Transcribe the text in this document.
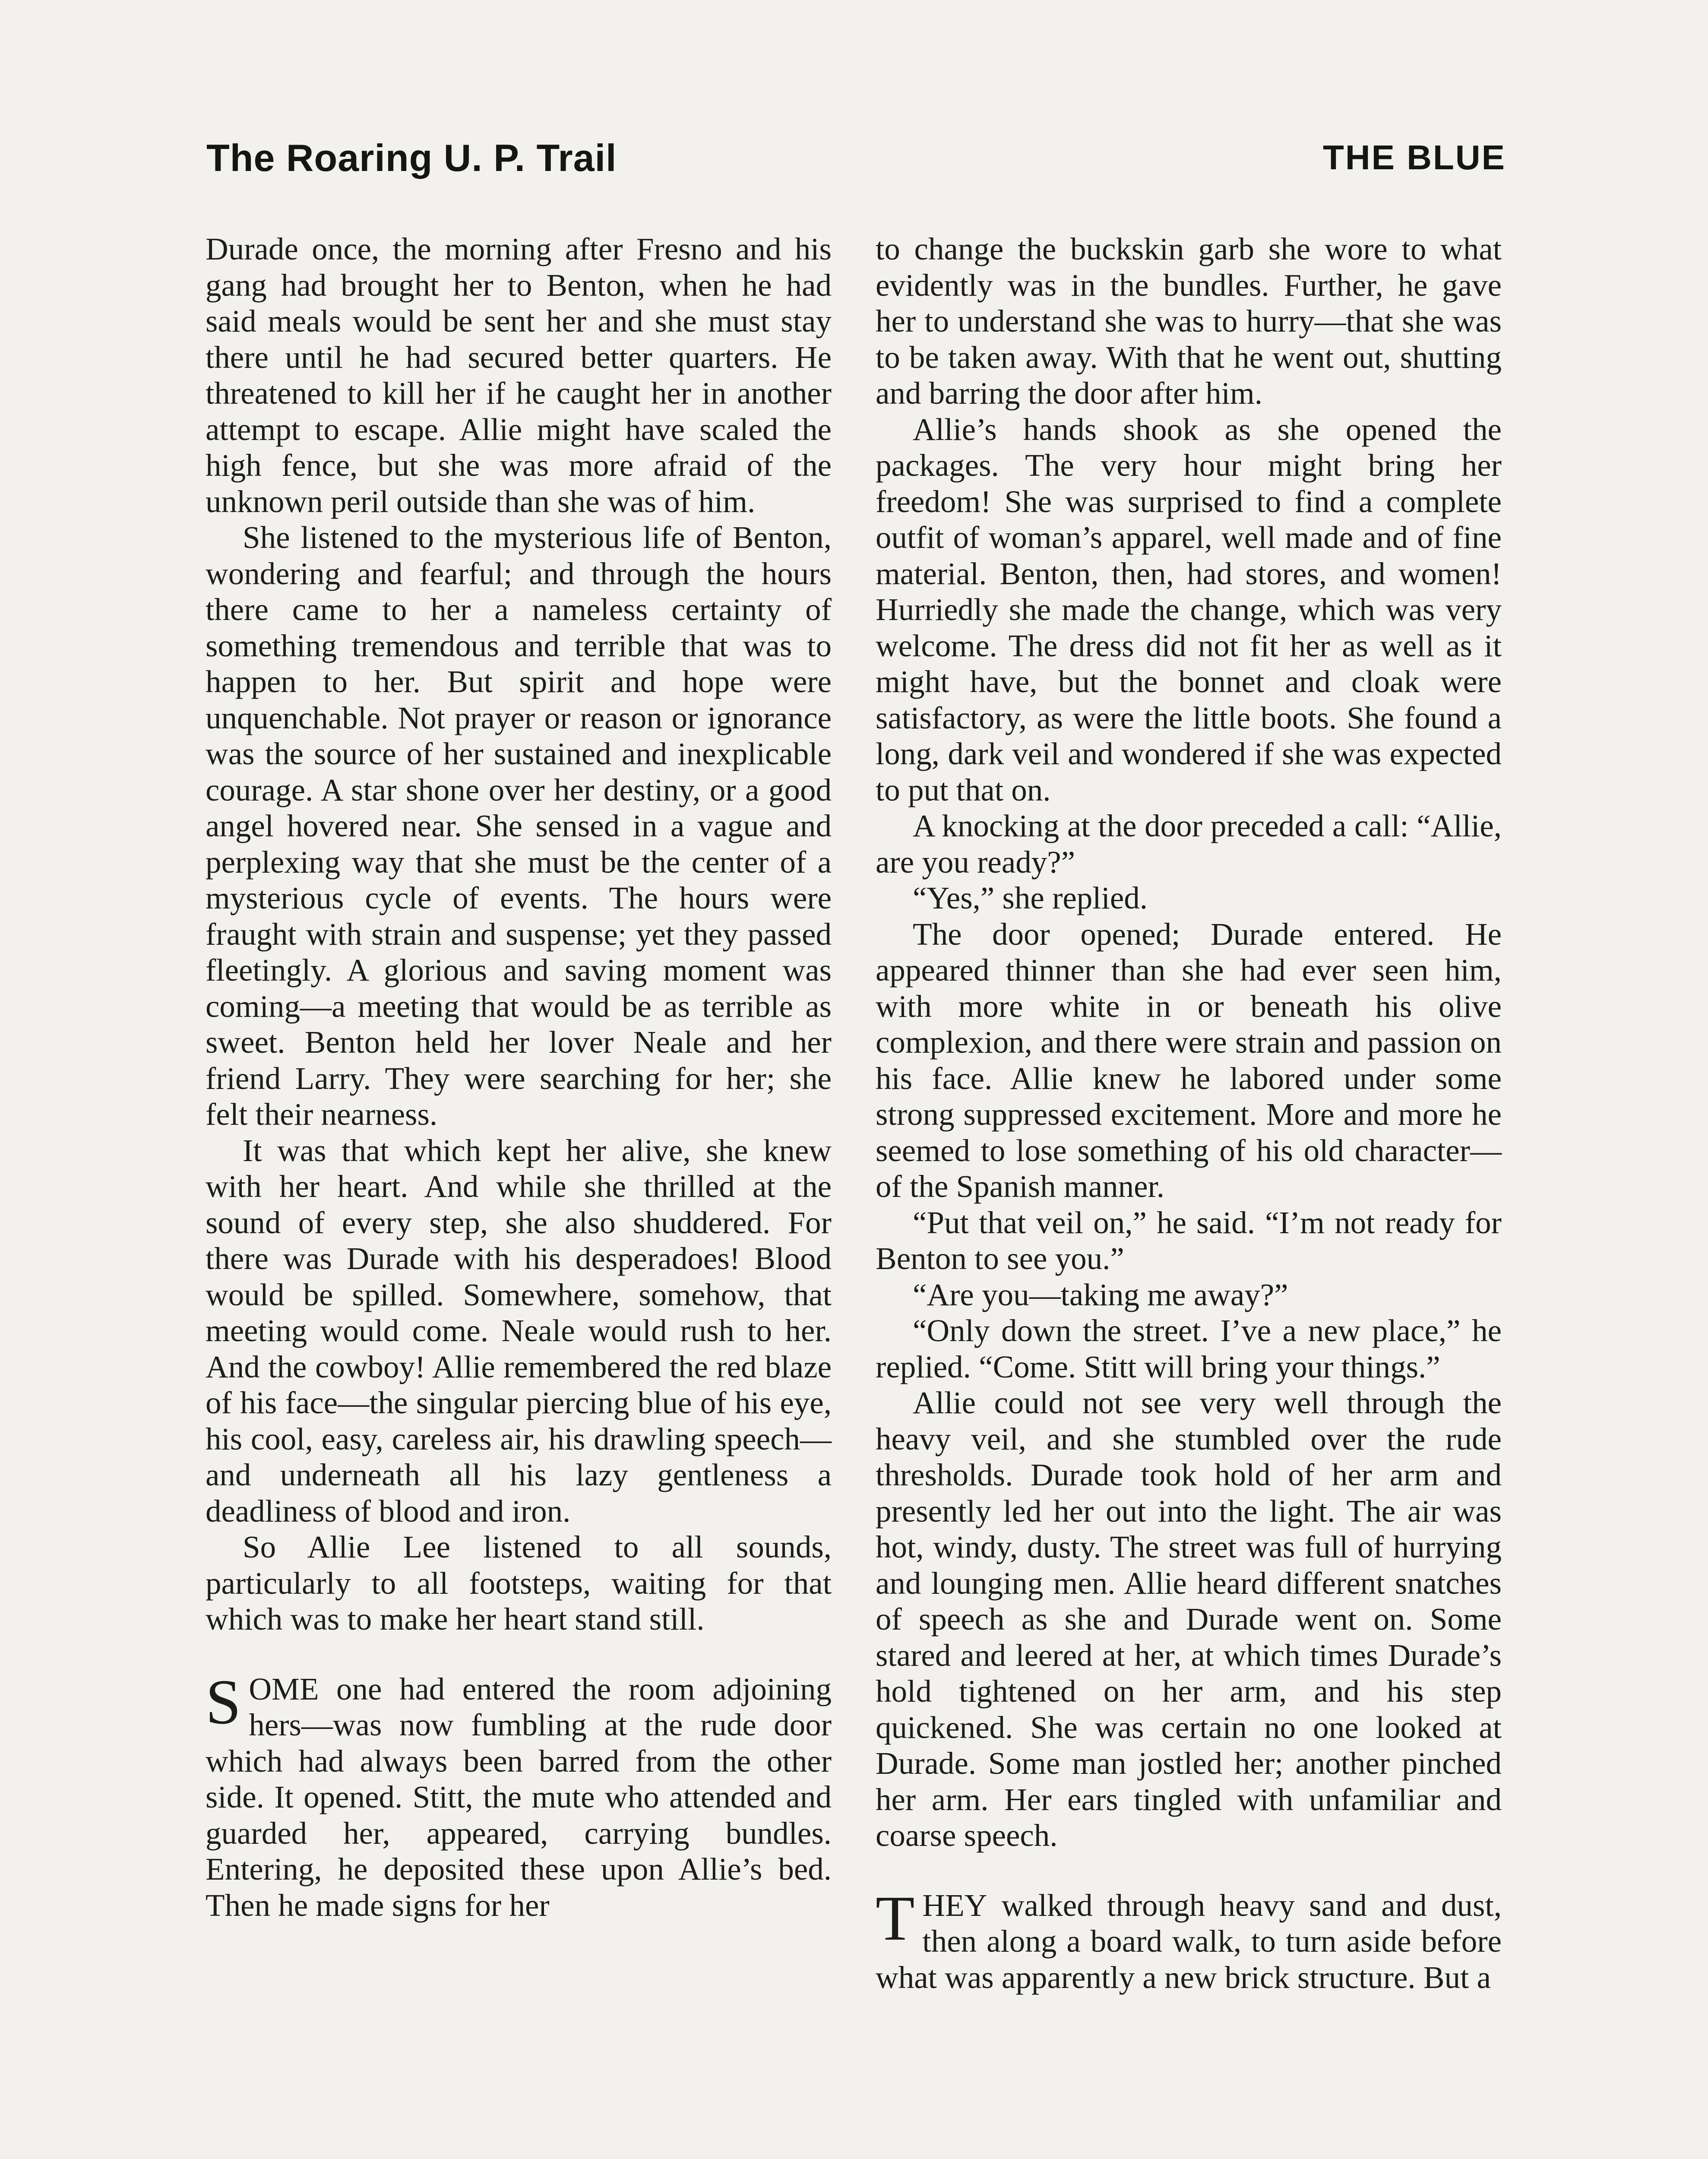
The Roaring U. P. Trail	THE BLUE

Durade once, the morning after Fresno and his gang had brought her to Benton, when he had said meals would be sent her and she must stay there until he had secured better quarters. He threatened to kill her if he caught her in another attempt to escape. Allie might have scaled the high fence, but she was more afraid of the unknown peril outside than she was of him.

She listened to the mysterious life of Benton, wondering and fearful; and through the hours there came to her a nameless certainty of something tremendous and terrible that was to happen to her. But spirit and hope were unquenchable. Not prayer or reason or ignorance was the source of her sustained and inexplicable courage. A star shone over her destiny, or a good angel hovered near. She sensed in a vague and perplexing way that she must be the center of a mysterious cycle of events. The hours were fraught with strain and suspense; yet they passed fleetingly. A glorious and saving moment was coming—a meeting that would be as terrible as sweet. Benton held her lover Neale and her friend Larry. They were searching for her; she felt their nearness.

It was that which kept her alive, she knew with her heart. And while she thrilled at the sound of every step, she also shuddered. For there was Durade with his desperadoes! Blood would be spilled. Somewhere, somehow, that meeting would come. Neale would rush to her. And the cowboy! Allie remembered the red blaze of his face—the singular piercing blue of his eye, his cool, easy, careless air, his drawling speech—and underneath all his lazy gentleness a deadliness of blood and iron.

So Allie Lee listened to all sounds, particularly to all footsteps, waiting for that which was to make her heart stand still.

SOME one had entered the room adjoining hers—was now fumbling at the rude door which had always been barred from the other side. It opened. Stitt, the mute who attended and guarded her, appeared, carrying bundles. Entering, he deposited these upon Allie’s bed. Then he made signs for her

to change the buckskin garb she wore to what evidently was in the bundles. Further, he gave her to understand she was to hurry—that she was to be taken away. With that he went out, shutting and barring the door after him.

Allie’s hands shook as she opened the packages. The very hour might bring her freedom! She was surprised to find a complete outfit of woman’s apparel, well made and of fine material. Benton, then, had stores, and women! Hurriedly she made the change, which was very welcome. The dress did not fit her as well as it might have, but the bonnet and cloak were satisfactory, as were the little boots. She found a long, dark veil and wondered if she was expected to put that on.

A knocking at the door preceded a call: “Allie, are you ready?”

“Yes,” she replied.

The door opened; Durade entered. He appeared thinner than she had ever seen him, with more white in or beneath his olive complexion, and there were strain and passion on his face. Allie knew he labored under some strong suppressed excitement. More and more he seemed to lose something of his old character—of the Spanish manner.

“Put that veil on,” he said. “I’m not ready for Benton to see you.”

“Are you—taking me away?”

“Only down the street. I’ve a new place,” he replied. “Come. Stitt will bring your things.”

Allie could not see very well through the heavy veil, and she stumbled over the rude thresholds. Durade took hold of her arm and presently led her out into the light. The air was hot, windy, dusty. The street was full of hurrying and lounging men. Allie heard different snatches of speech as she and Durade went on. Some stared and leered at her, at which times Durade’s hold tightened on her arm, and his step quickened. She was certain no one looked at Durade. Some man jostled her; another pinched her arm. Her ears tingled with unfamiliar and coarse speech.

THEY walked through heavy sand and dust, then along a board walk, to turn aside before what was apparently a new brick structure. But a
